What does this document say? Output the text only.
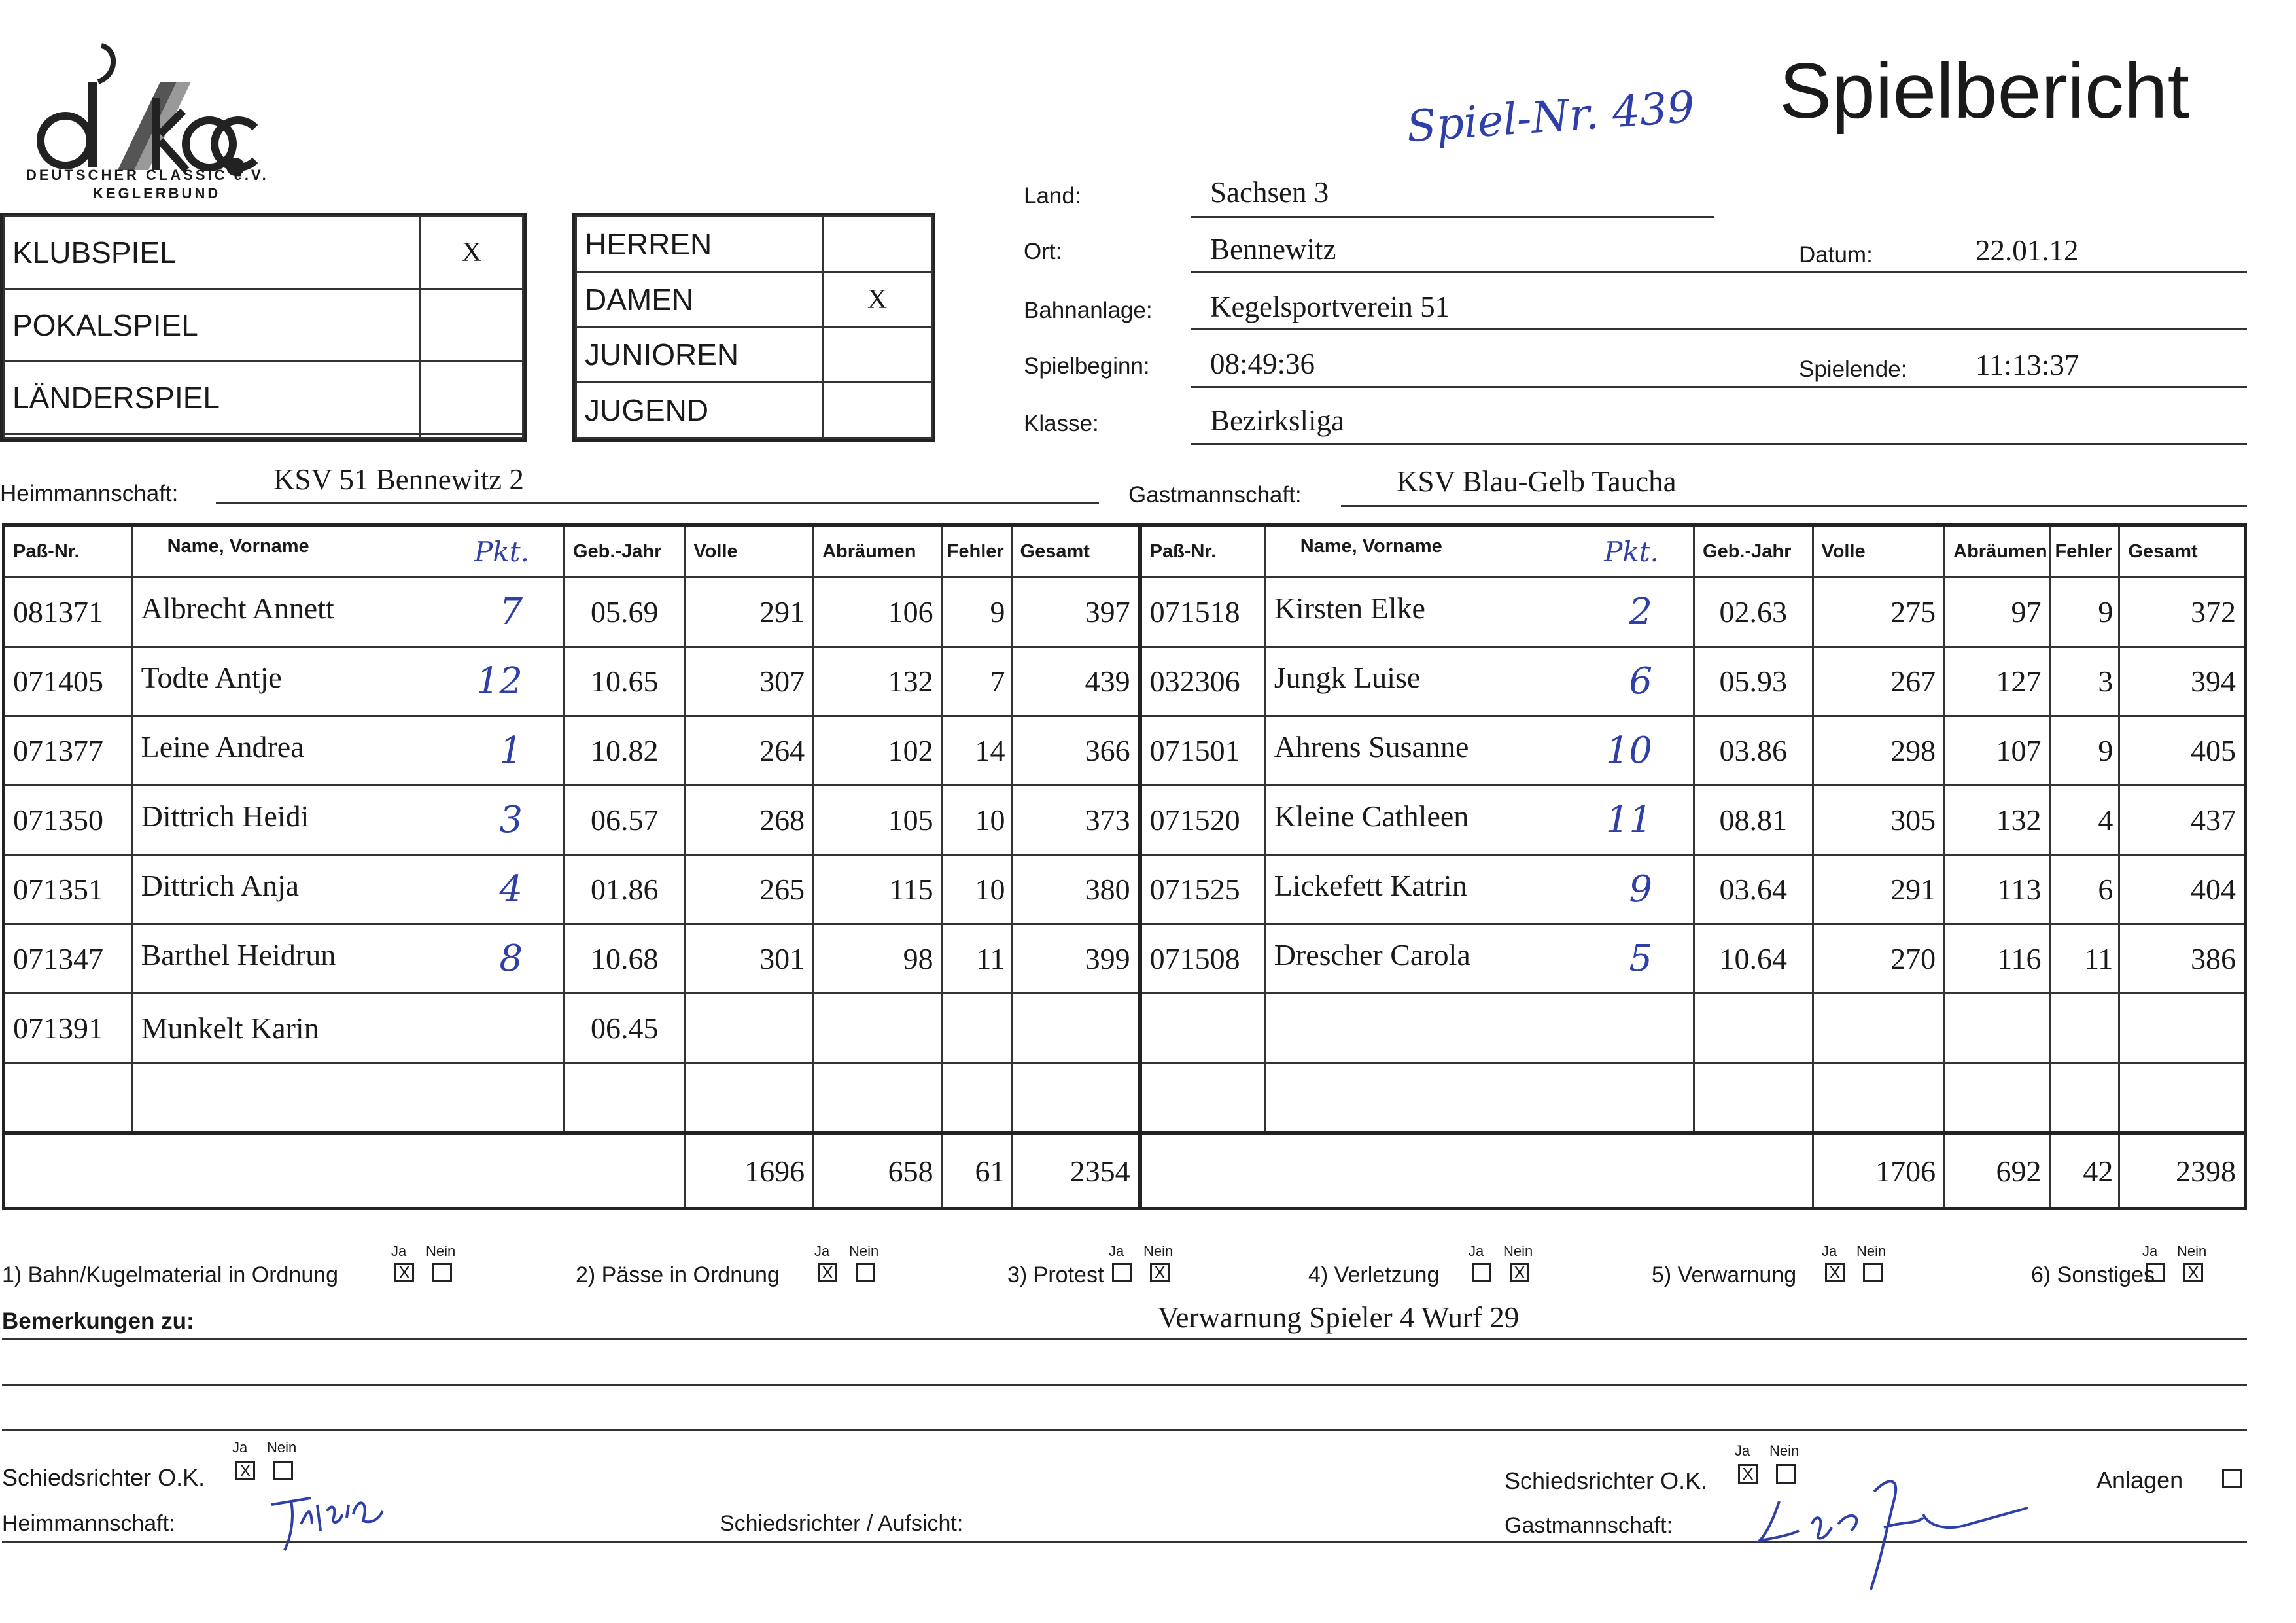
DEUTSCHER CLASSIC e.V.
KEGLERBUND
Spielbericht
Spiel-Nr. 439
KLUBSPIEL	X
POKALSPIEL	
LÄNDERSPIEL	

HERREN	
DAMEN	X
JUNIOREN	
JUGEND	
Land:	Sachsen 3
Ort:	Bennewitz	Datum:	22.01.12
Bahnanlage: Kegelsportverein 51
Spielbeginn: 08:49:36	Spielende: 11:13:37
Klasse:	Bezirksliga
Heimmannschaft:	KSV 51 Bennewitz 2	Gastmannschaft:	KSV Blau-Gelb Taucha
Paß-Nr.	Name, Vorname Pkt.	Geb.-Jahr	Volle	Abräumen	Fehler	Gesamt	Paß-Nr.	Name, Vorname Pkt.	Geb.-Jahr	Volle	Abräumen	Fehler	Gesamt
081371	Albrecht Annett 7	05.69	291	106	9	397	071518	Kirsten Elke 2	02.63	275	97	9	372
071405	Todte Antje 12	10.65	307	132	7	439	032306	Jungk Luise 6	05.93	267	127	3	394
071377	Leine Andrea 1	10.82	264	102	14	366	071501	Ahrens Susanne 10	03.86	298	107	9	405
071350	Dittrich Heidi 3	06.57	268	105	10	373	071520	Kleine Cathleen 11	08.81	305	132	4	437
071351	Dittrich Anja 4	01.86	265	115	10	380	071525	Lickefett Katrin 9	03.64	291	113	6	404
071347	Barthel Heidrun 8	10.68	301	98	11	399	071508	Drescher Carola 5	10.64	270	116	11	386
071391	Munkelt Karin	06.45						

			1696	658	61	2354				1706	692	42	2398
1) Bahn/Kugelmaterial in Ordnung
Ja Nein
X	2) Pässe in Ordnung
Ja Nein
X	3) Protest
Ja Nein
X	4) Verletzung
Ja Nein
X	5) Verwarnung
Ja Nein
X	6) Sonstiges
Ja Nein
X
Bemerkungen zu:	Verwarnung Spieler 4 Wurf 29
Schiedsrichter O.K.
Ja Nein
X	Schiedsrichter O.K.
Ja Nein
X	Anlagen
Heimmannschaft:	Schiedsrichter / Aufsicht:	Gastmannschaft:
